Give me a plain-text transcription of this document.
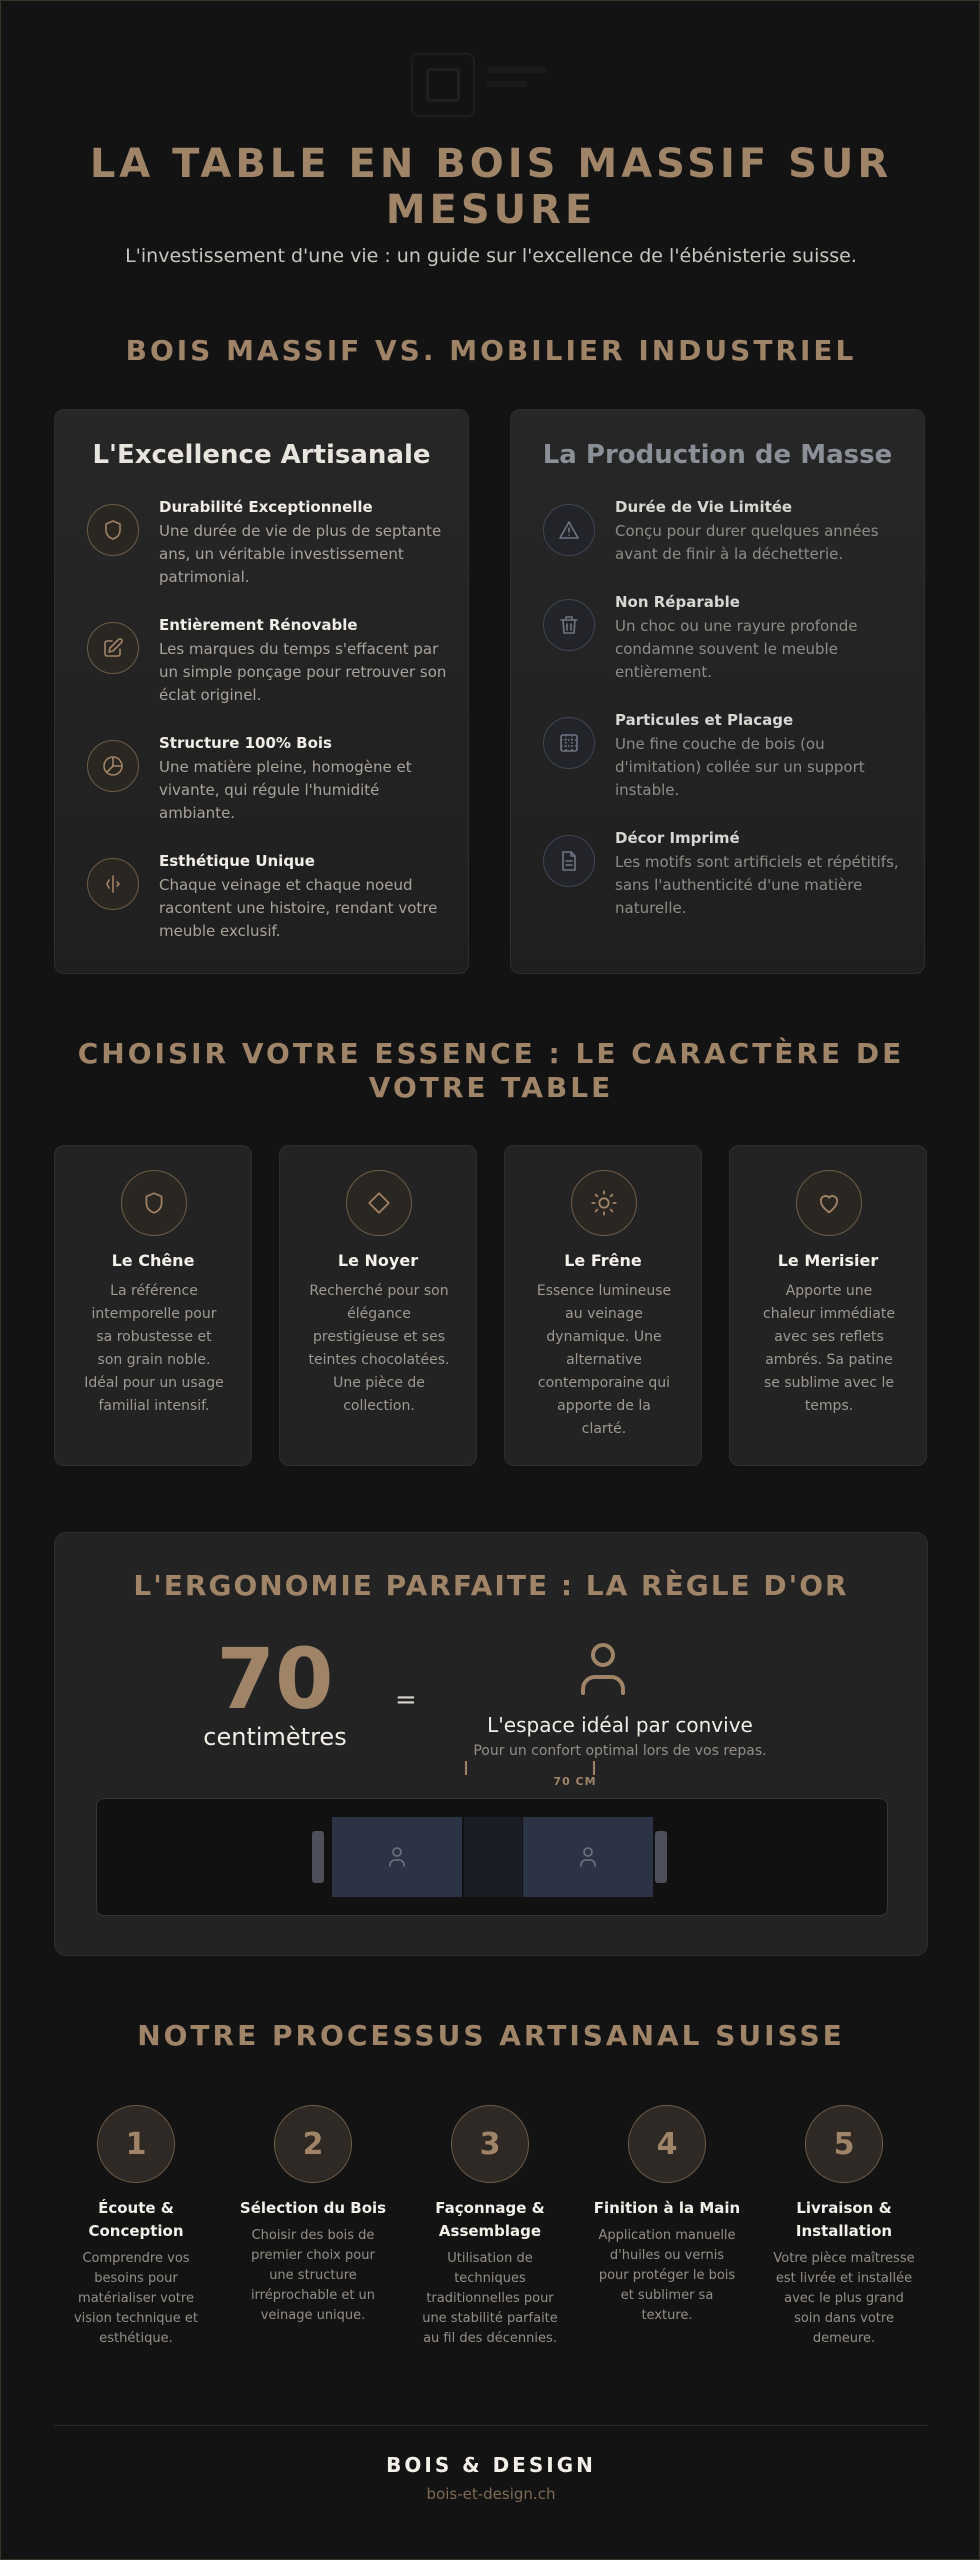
LA TABLE EN BOIS MASSIF SUR MESURE

L'investissement d'une vie : un guide sur l'excellence de l'ébénisterie suisse.

BOIS MASSIF VS. MOBILIER INDUSTRIEL
L'Excellence Artisanale
Durabilité Exceptionnelle
Une durée de vie de plus de septante ans, un véritable investissement patrimonial.
Entièrement Rénovable
Les marques du temps s'effacent par un simple ponçage pour retrouver son éclat originel.
Structure 100% Bois
Une matière pleine, homogène et vivante, qui régule l'humidité ambiante.
Esthétique Unique
Chaque veinage et chaque noeud racontent une histoire, rendant votre meuble exclusif.
La Production de Masse
Durée de Vie Limitée
Conçu pour durer quelques années avant de finir à la déchetterie.
Non Réparable
Un choc ou une rayure profonde condamne souvent le meuble entièrement.
Particules et Placage
Une fine couche de bois (ou d'imitation) collée sur un support instable.
Décor Imprimé
Les motifs sont artificiels et répétitifs, sans l'authenticité d'une matière naturelle.
CHOISIR VOTRE ESSENCE : LE CARACTÈRE DE VOTRE TABLE
Le Chêne

La référence intemporelle pour sa robustesse et son grain noble. Idéal pour un usage familial intensif.

Le Noyer

Recherché pour son élégance prestigieuse et ses teintes chocolatées. Une pièce de collection.

Le Frêne

Essence lumineuse au veinage dynamique. Une alternative contemporaine qui apporte de la clarté.

Le Merisier

Apporte une chaleur immédiate avec ses reflets ambrés. Sa patine se sublime avec le temps.

L'ERGONOMIE PARFAITE : LA RÈGLE D'OR
70
centimètres
=
L'espace idéal par convive
Pour un confort optimal lors de vos repas.
70 CM
NOTRE PROCESSUS ARTISANAL SUISSE
1
Écoute & Conception

Comprendre vos besoins pour matérialiser votre vision technique et esthétique.

2
Sélection du Bois

Choisir des bois de premier choix pour une structure irréprochable et un veinage unique.

3
Façonnage & Assemblage

Utilisation de techniques traditionnelles pour une stabilité parfaite au fil des décennies.

4
Finition à la Main

Application manuelle d'huiles ou vernis pour protéger le bois et sublimer sa texture.

5
Livraison & Installation

Votre pièce maîtresse est livrée et installée avec le plus grand soin dans votre demeure.

BOIS & DESIGN
bois-et-design.ch
